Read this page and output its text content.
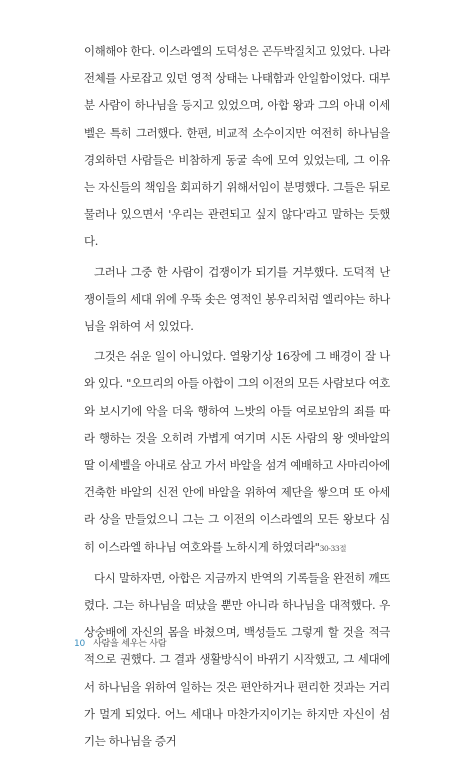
이해해야 한다. 이스라엘의 도덕성은 곤두박질치고 있었다. 나라 전체를 사로잡고 있던 영적 상태는 나태함과 안일함이었다. 대부분 사람이 하나님을 등지고 있었으며, 아합 왕과 그의 아내 이세벨은 특히 그러했다. 한편, 비교적 소수이지만 여전히 하나님을 경외하던 사람들은 비참하게 동굴 속에 모여 있었는데, 그 이유는 자신들의 책임을 회피하기 위해서임이 분명했다. 그들은 뒤로 물러나 있으면서 '우리는 관련되고 싶지 않다'라고 말하는 듯했다.

그러나 그중 한 사람이 겁쟁이가 되기를 거부했다. 도덕적 난쟁이들의 세대 위에 우뚝 솟은 영적인 봉우리처럼 엘리야는 하나님을 위하여 서 있었다.

그것은 쉬운 일이 아니었다. 열왕기상 16장에 그 배경이 잘 나와 있다. "오므리의 아들 아합이 그의 이전의 모든 사람보다 여호와 보시기에 악을 더욱 행하여 느밧의 아들 여로보암의 죄를 따라 행하는 것을 오히려 가볍게 여기며 시돈 사람의 왕 엣바알의 딸 이세벨을 아내로 삼고 가서 바알을 섬겨 예배하고 사마리아에 건축한 바알의 신전 안에 바알을 위하여 제단을 쌓으며 또 아세라 상을 만들었으니 그는 그 이전의 이스라엘의 모든 왕보다 심히 이스라엘 하나님 여호와를 노하시게 하였더라"30-33절

다시 말하자면, 아합은 지금까지 반역의 기록들을 완전히 깨뜨렸다. 그는 하나님을 떠났을 뿐만 아니라 하나님을 대적했다. 우상숭배에 자신의 몸을 바쳤으며, 백성들도 그렇게 할 것을 적극적으로 권했다. 그 결과 생활방식이 바뀌기 시작했고, 그 세대에서 하나님을 위하여 일하는 것은 편안하거나 편리한 것과는 거리가 멀게 되었다. 어느 세대나 마찬가지이기는 하지만 자신이 섬기는 하나님을 증거

10 사람을 세우는 사람
